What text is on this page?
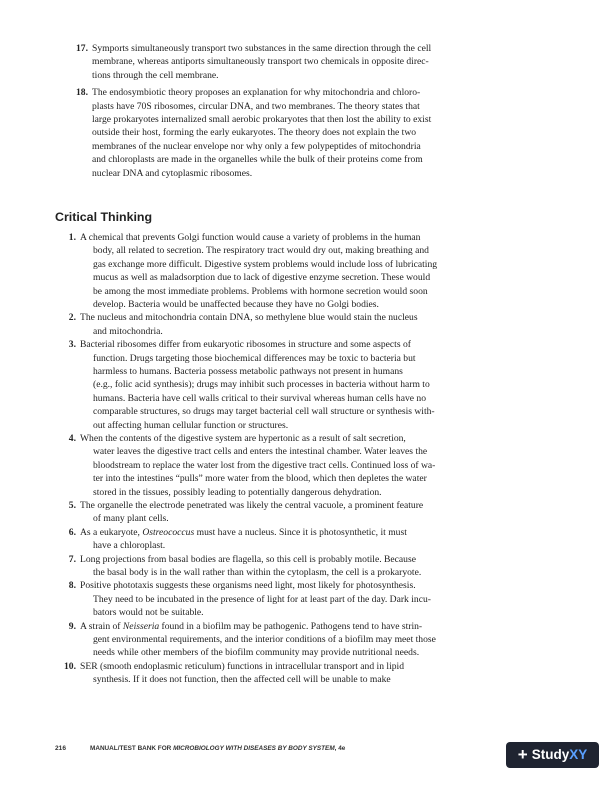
17. Symports simultaneously transport two substances in the same direction through the cell
membrane, whereas antiports simultaneously transport two chemicals in opposite direc-
tions through the cell membrane.
18. The endosymbiotic theory proposes an explanation for why mitochondria and chloro-
plasts have 70S ribosomes, circular DNA, and two membranes. The theory states that
large prokaryotes internalized small aerobic prokaryotes that then lost the ability to exist
outside their host, forming the early eukaryotes. The theory does not explain the two
membranes of the nuclear envelope nor why only a few polypeptides of mitochondria
and chloroplasts are made in the organelles while the bulk of their proteins come from
nuclear DNA and cytoplasmic ribosomes.
Critical Thinking
1. A chemical that prevents Golgi function would cause a variety of problems in the human
body, all related to secretion. The respiratory tract would dry out, making breathing and
gas exchange more difficult. Digestive system problems would include loss of lubricating
mucus as well as maladsorption due to lack of digestive enzyme secretion. These would
be among the most immediate problems. Problems with hormone secretion would soon
develop. Bacteria would be unaffected because they have no Golgi bodies.
2. The nucleus and mitochondria contain DNA, so methylene blue would stain the nucleus
and mitochondria.
3. Bacterial ribosomes differ from eukaryotic ribosomes in structure and some aspects of
function. Drugs targeting those biochemical differences may be toxic to bacteria but
harmless to humans. Bacteria possess metabolic pathways not present in humans
(e.g., folic acid synthesis); drugs may inhibit such processes in bacteria without harm to
humans. Bacteria have cell walls critical to their survival whereas human cells have no
comparable structures, so drugs may target bacterial cell wall structure or synthesis with-
out affecting human cellular function or structures.
4. When the contents of the digestive system are hypertonic as a result of salt secretion,
water leaves the digestive tract cells and enters the intestinal chamber. Water leaves the
bloodstream to replace the water lost from the digestive tract cells. Continued loss of wa-
ter into the intestines “pulls” more water from the blood, which then depletes the water
stored in the tissues, possibly leading to potentially dangerous dehydration.
5. The organelle the electrode penetrated was likely the central vacuole, a prominent feature
of many plant cells.
6. As a eukaryote, Ostreococcus must have a nucleus. Since it is photosynthetic, it must
have a chloroplast.
7. Long projections from basal bodies are flagella, so this cell is probably motile. Because
the basal body is in the wall rather than within the cytoplasm, the cell is a prokaryote.
8. Positive phototaxis suggests these organisms need light, most likely for photosynthesis.
They need to be incubated in the presence of light for at least part of the day. Dark incu-
bators would not be suitable.
9. A strain of Neisseria found in a biofilm may be pathogenic. Pathogens tend to have strin-
gent environmental requirements, and the interior conditions of a biofilm may meet those
needs while other members of the biofilm community may provide nutritional needs.
10. SER (smooth endoplasmic reticulum) functions in intracellular transport and in lipid
synthesis. If it does not function, then the affected cell will be unable to make
216	MANUAL/TEST BANK FOR MICROBIOLOGY WITH DISEASES BY BODY SYSTEM, 4e	+ StudyXY
